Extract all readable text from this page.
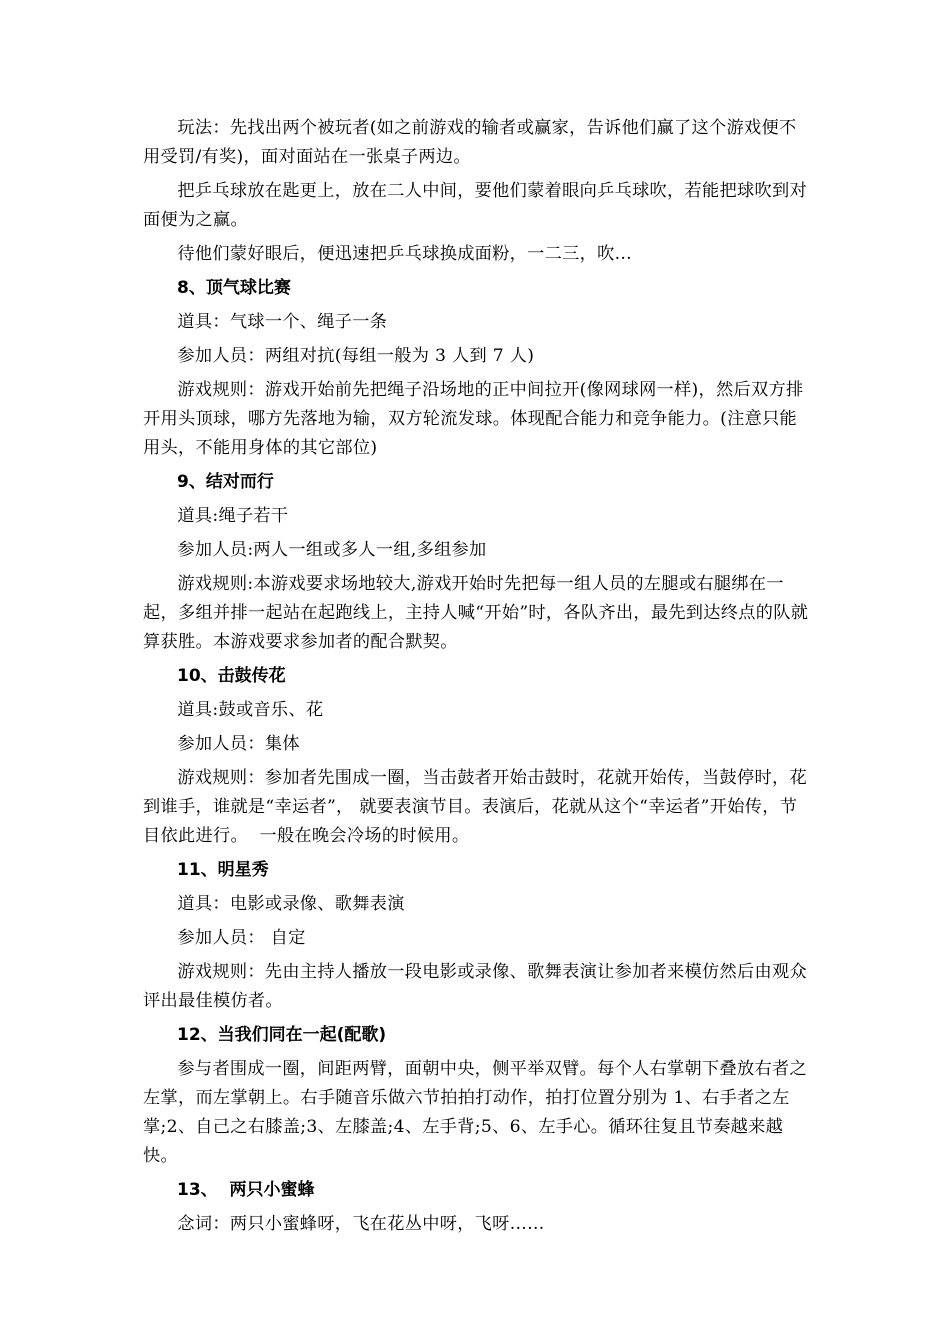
玩法：先找出两个被玩者(如之前游戏的输者或赢家，告诉他们赢了这个游戏便不用受罚/有奖)，面对面站在一张桌子两边。

把乒乓球放在匙更上，放在二人中间，要他们蒙着眼向乒乓球吹，若能把球吹到对面便为之赢。

待他们蒙好眼后，便迅速把乒乓球换成面粉，一二三，吹...

8、顶气球比赛

道具：气球一个、绳子一条

参加人员：两组对抗(每组一般为 3 人到 7 人)

游戏规则：游戏开始前先把绳子沿场地的正中间拉开(像网球网一样)，然后双方排开用头顶球，哪方先落地为输，双方轮流发球。体现配合能力和竞争能力。(注意只能用头，不能用身体的其它部位)

9、结对而行

道具:绳子若干

参加人员:两人一组或多人一组,多组参加

游戏规则:本游戏要求场地较大,游戏开始时先把每一组人员的左腿或右腿绑在一起，多组并排一起站在起跑线上，主持人喊“开始”时，各队齐出，最先到达终点的队就算获胜。本游戏要求参加者的配合默契。

10、击鼓传花

道具:鼓或音乐、花

参加人员：集体

游戏规则：参加者先围成一圈，当击鼓者开始击鼓时，花就开始传，当鼓停时，花到谁手，谁就是“幸运者”， 就要表演节目。表演后，花就从这个“幸运者”开始传，节目依此进行。  一般在晚会冷场的时候用。

11、明星秀

道具：电影或录像、歌舞表演

参加人员： 自定

游戏规则：先由主持人播放一段电影或录像、歌舞表演让参加者来模仿然后由观众评出最佳模仿者。

12、当我们同在一起(配歌)

参与者围成一圈，间距两臂，面朝中央，侧平举双臂。每个人右掌朝下叠放右者之左掌，而左掌朝上。右手随音乐做六节拍拍打动作，拍打位置分别为 1、右手者之左掌;2、自己之右膝盖;3、左膝盖;4、左手背;5、6、左手心。循环往复且节奏越来越快。

13、  两只小蜜蜂

念词：两只小蜜蜂呀，飞在花丛中呀，飞呀……
